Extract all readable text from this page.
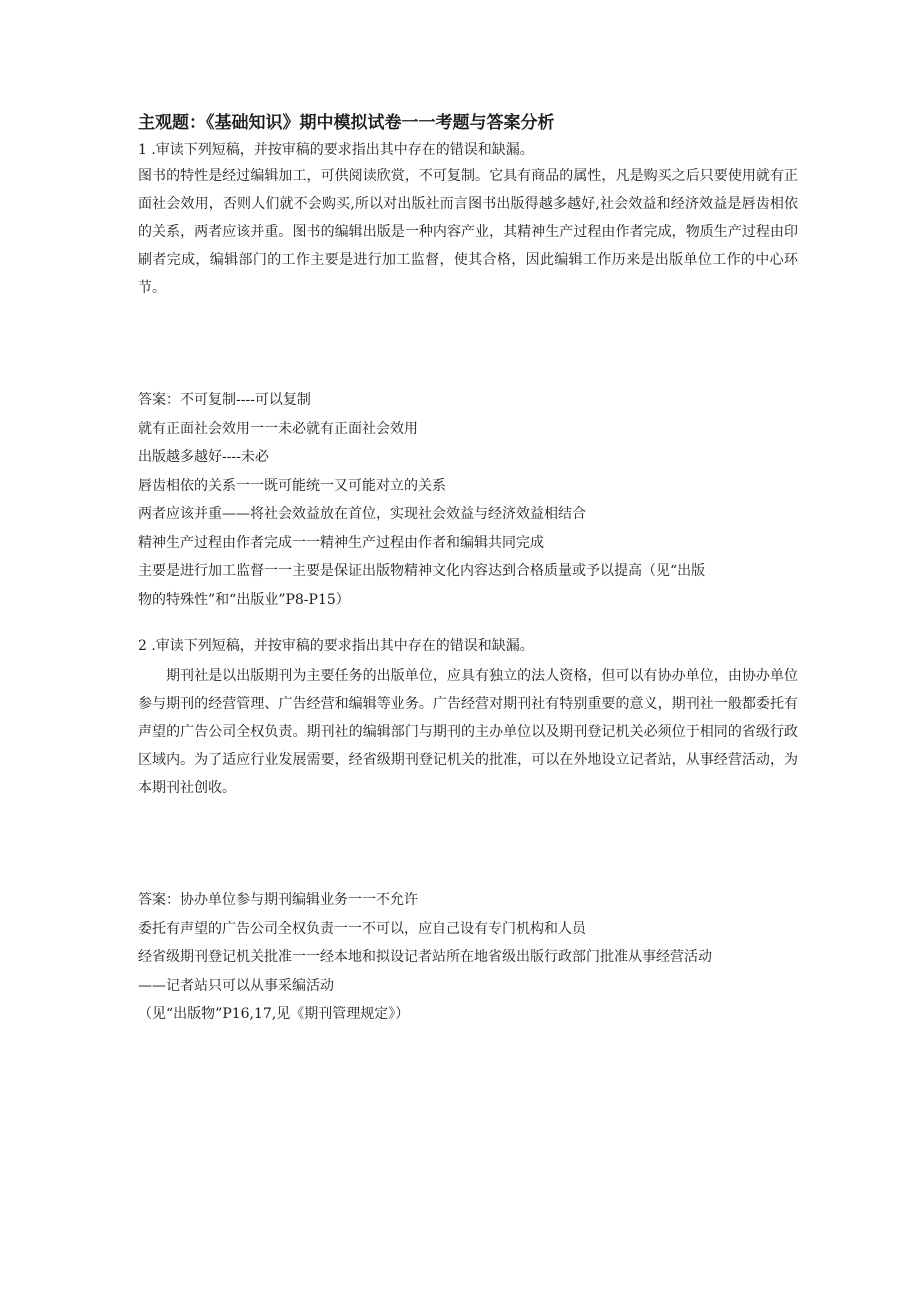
主观题：《基础知识》期中模拟试卷一一考题与答案分析

1 .审读下列短稿，并按审稿的要求指出其中存在的错误和缺漏。

图书的特性是经过编辑加工，可供阅读欣赏，不可复制。它具有商品的属性，凡是购买之后只要使用就有正面社会效用，否则人们就不会购买,所以对出版社而言图书出版得越多越好,社会效益和经济效益是唇齿相依的关系，两者应该并重。图书的编辑出版是一种内容产业，其精神生产过程由作者完成，物质生产过程由印刷者完成，编辑部门的工作主要是进行加工监督，使其合格，因此编辑工作历来是出版单位工作的中心环节。

答案：不可复制----可以复制
就有正面社会效用一一未必就有正面社会效用
出版越多越好----未必
唇齿相依的关系一一既可能统一又可能对立的关系
两者应该并重——将社会效益放在首位，实现社会效益与经济效益相结合
精神生产过程由作者完成一一精神生产过程由作者和编辑共同完成
主要是进行加工监督一一主要是保证出版物精神文化内容达到合格质量或予以提高（见“出版
物的特殊性”和“出版业”P8-P15）

2 .审读下列短稿，并按审稿的要求指出其中存在的错误和缺漏。

期刊社是以出版期刊为主要任务的出版单位，应具有独立的法人资格，但可以有协办单位，由协办单位参与期刊的经营管理、广告经营和编辑等业务。广告经营对期刊社有特别重要的意义，期刊社一般都委托有声望的广告公司全权负责。期刊社的编辑部门与期刊的主办单位以及期刊登记机关必须位于相同的省级行政区域内。为了适应行业发展需要，经省级期刊登记机关的批准，可以在外地设立记者站，从事经营活动，为本期刊社创收。

答案：协办单位参与期刊编辑业务一一不允许
委托有声望的广告公司全权负责一一不可以，应自己设有专门机构和人员
经省级期刊登记机关批准一一经本地和拟设记者站所在地省级出版行政部门批准从事经营活动
——记者站只可以从事采编活动
（见“出版物”P16,17,见《期刊管理规定》）
